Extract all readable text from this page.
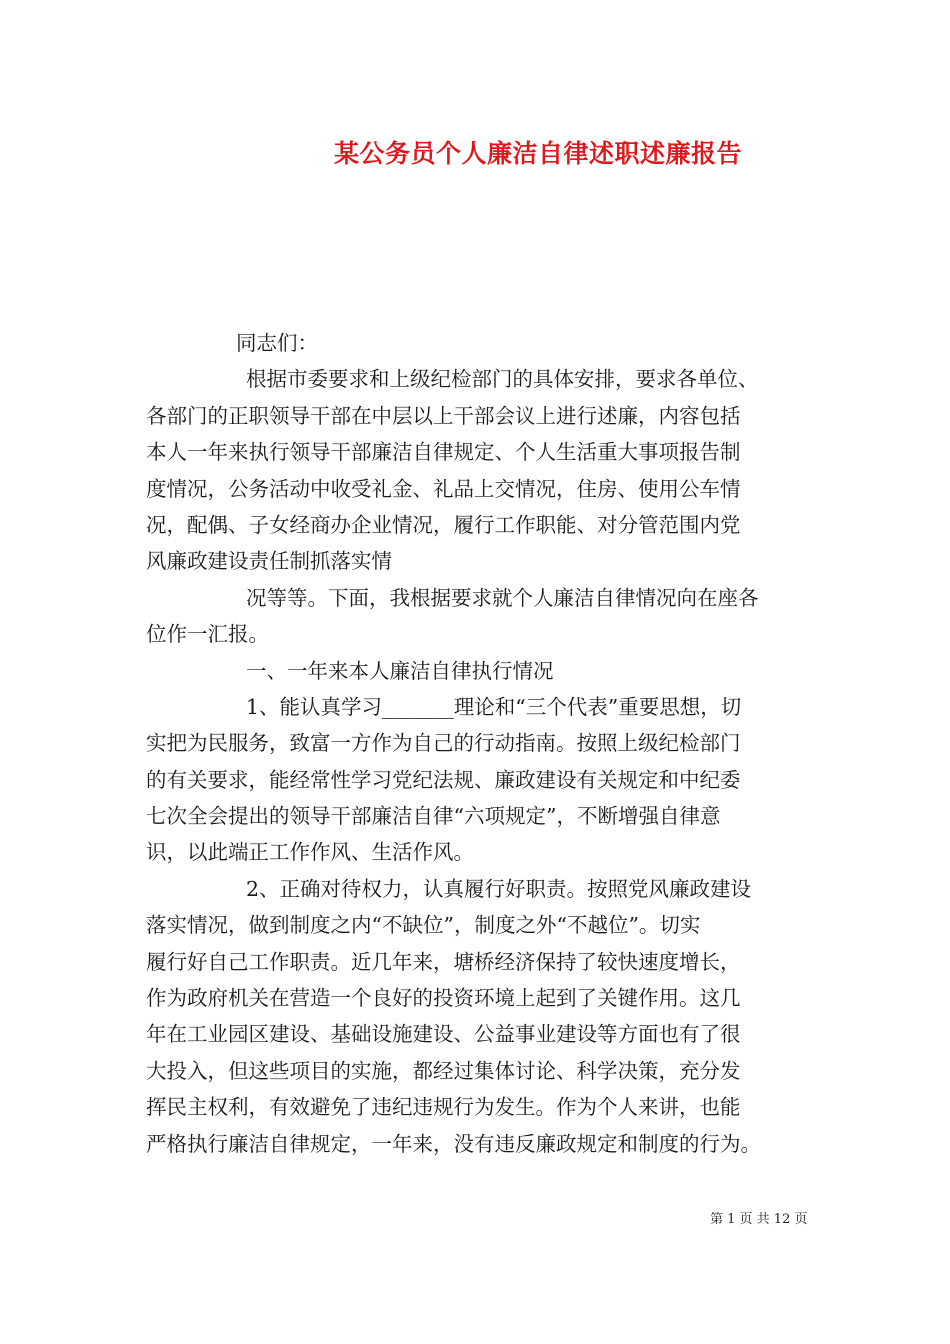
某公务员个人廉洁自律述职述廉报告
同志们：
根据市委要求和上级纪检部门的具体安排，要求各单位、
各部门的正职领导干部在中层以上干部会议上进行述廉，内容包括
本人一年来执行领导干部廉洁自律规定、个人生活重大事项报告制
度情况，公务活动中收受礼金、礼品上交情况，住房、使用公车情
况，配偶、子女经商办企业情况，履行工作职能、对分管范围内党
风廉政建设责任制抓落实情
况等等。下面，我根据要求就个人廉洁自律情况向在座各
位作一汇报。
一、一年来本人廉洁自律执行情况
1、能认真学习_______理论和“三个代表”重要思想，切
实把为民服务，致富一方作为自己的行动指南。按照上级纪检部门
的有关要求，能经常性学习党纪法规、廉政建设有关规定和中纪委
七次全会提出的领导干部廉洁自律“六项规定”，不断增强自律意
识，以此端正工作作风、生活作风。
2、正确对待权力，认真履行好职责。按照党风廉政建设
落实情况，做到制度之内“不缺位”，制度之外“不越位”。切实
履行好自己工作职责。近几年来，塘桥经济保持了较快速度增长，
作为政府机关在营造一个良好的投资环境上起到了关键作用。这几
年在工业园区建设、基础设施建设、公益事业建设等方面也有了很
大投入，但这些项目的实施，都经过集体讨论、科学决策，充分发
挥民主权利，有效避免了违纪违规行为发生。作为个人来讲，也能
严格执行廉洁自律规定，一年来，没有违反廉政规定和制度的行为。
第 1 页 共 12 页
